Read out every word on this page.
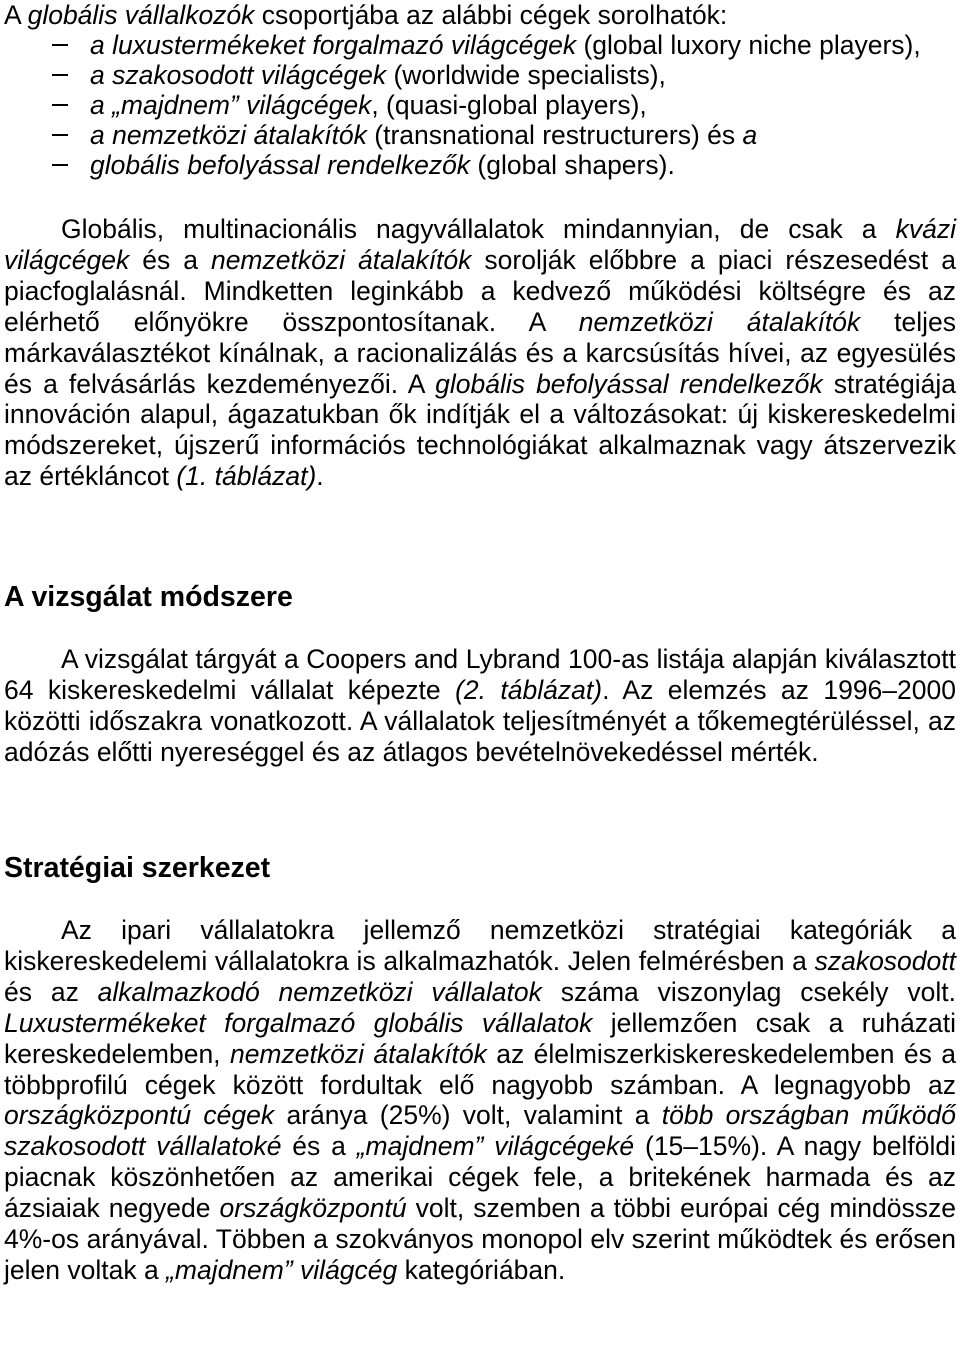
A globális vállalkozók csoportjába az alábbi cégek sorolhatók:
a luxustermékeket forgalmazó világcégek (global luxory niche players),
a szakosodott világcégek (worldwide specialists),
a „majdnem” világcégek, (quasi-global players),
a nemzetközi átalakítók (transnational restructurers) és a
globális befolyással rendelkezők (global shapers).

Globális, multinacionális nagyvállalatok mindannyian, de csak a kvázi világcégek és a nemzetközi átalakítók sorolják előbbre a piaci részesedést a piacfoglalásnál. Mindketten leginkább a kedvező működési költségre és az elérhető előnyökre összpontosítanak. A nemzetközi átalakítók teljes márkaválasztékot kínálnak, a racionalizálás és a karcsúsítás hívei, az egyesülés és a felvásárlás kezdeményezői. A globális befolyással rendelkezők stratégiája innováción alapul, ágazatukban ők indítják el a változásokat: új kiskereskedelmi módszereket, újszerű információs technológiákat alkalmaznak vagy átszervezik az értékláncot (1. táblázat).

A vizsgálat módszere

A vizsgálat tárgyát a Coopers and Lybrand 100-as listája alapján kiválasztott 64 kiskereskedelmi vállalat képezte (2. táblázat). Az elemzés az 1996–2000 közötti időszakra vonatkozott. A vállalatok teljesítményét a tőkemegtérüléssel, az adózás előtti nyereséggel és az átlagos bevételnövekedéssel mérték.

Stratégiai szerkezet

Az ipari vállalatokra jellemző nemzetközi stratégiai kategóriák a kiskereskedelemi vállalatokra is alkalmazhatók. Jelen felmérésben a szakosodott és az alkalmazkodó nemzetközi vállalatok száma viszonylag csekély volt. Luxustermékeket forgalmazó globális vállalatok jellemzően csak a ruházati kereskedelemben, nemzetközi átalakítók az élelmiszerkiskereskedelemben és a többprofilú cégek között fordultak elő nagyobb számban. A legnagyobb az országközpontú cégek aránya (25%) volt, valamint a több országban működő szakosodott vállalatoké és a „majdnem” világcégeké (15–15%). A nagy belföldi piacnak köszönhetően az amerikai cégek fele, a britekének harmada és az ázsiaiak negyede országközpontú volt, szemben a többi európai cég mindössze 4%-os arányával. Többen a szokványos monopol elv szerint működtek és erősen jelen voltak a „majdnem” világcég kategóriában.
